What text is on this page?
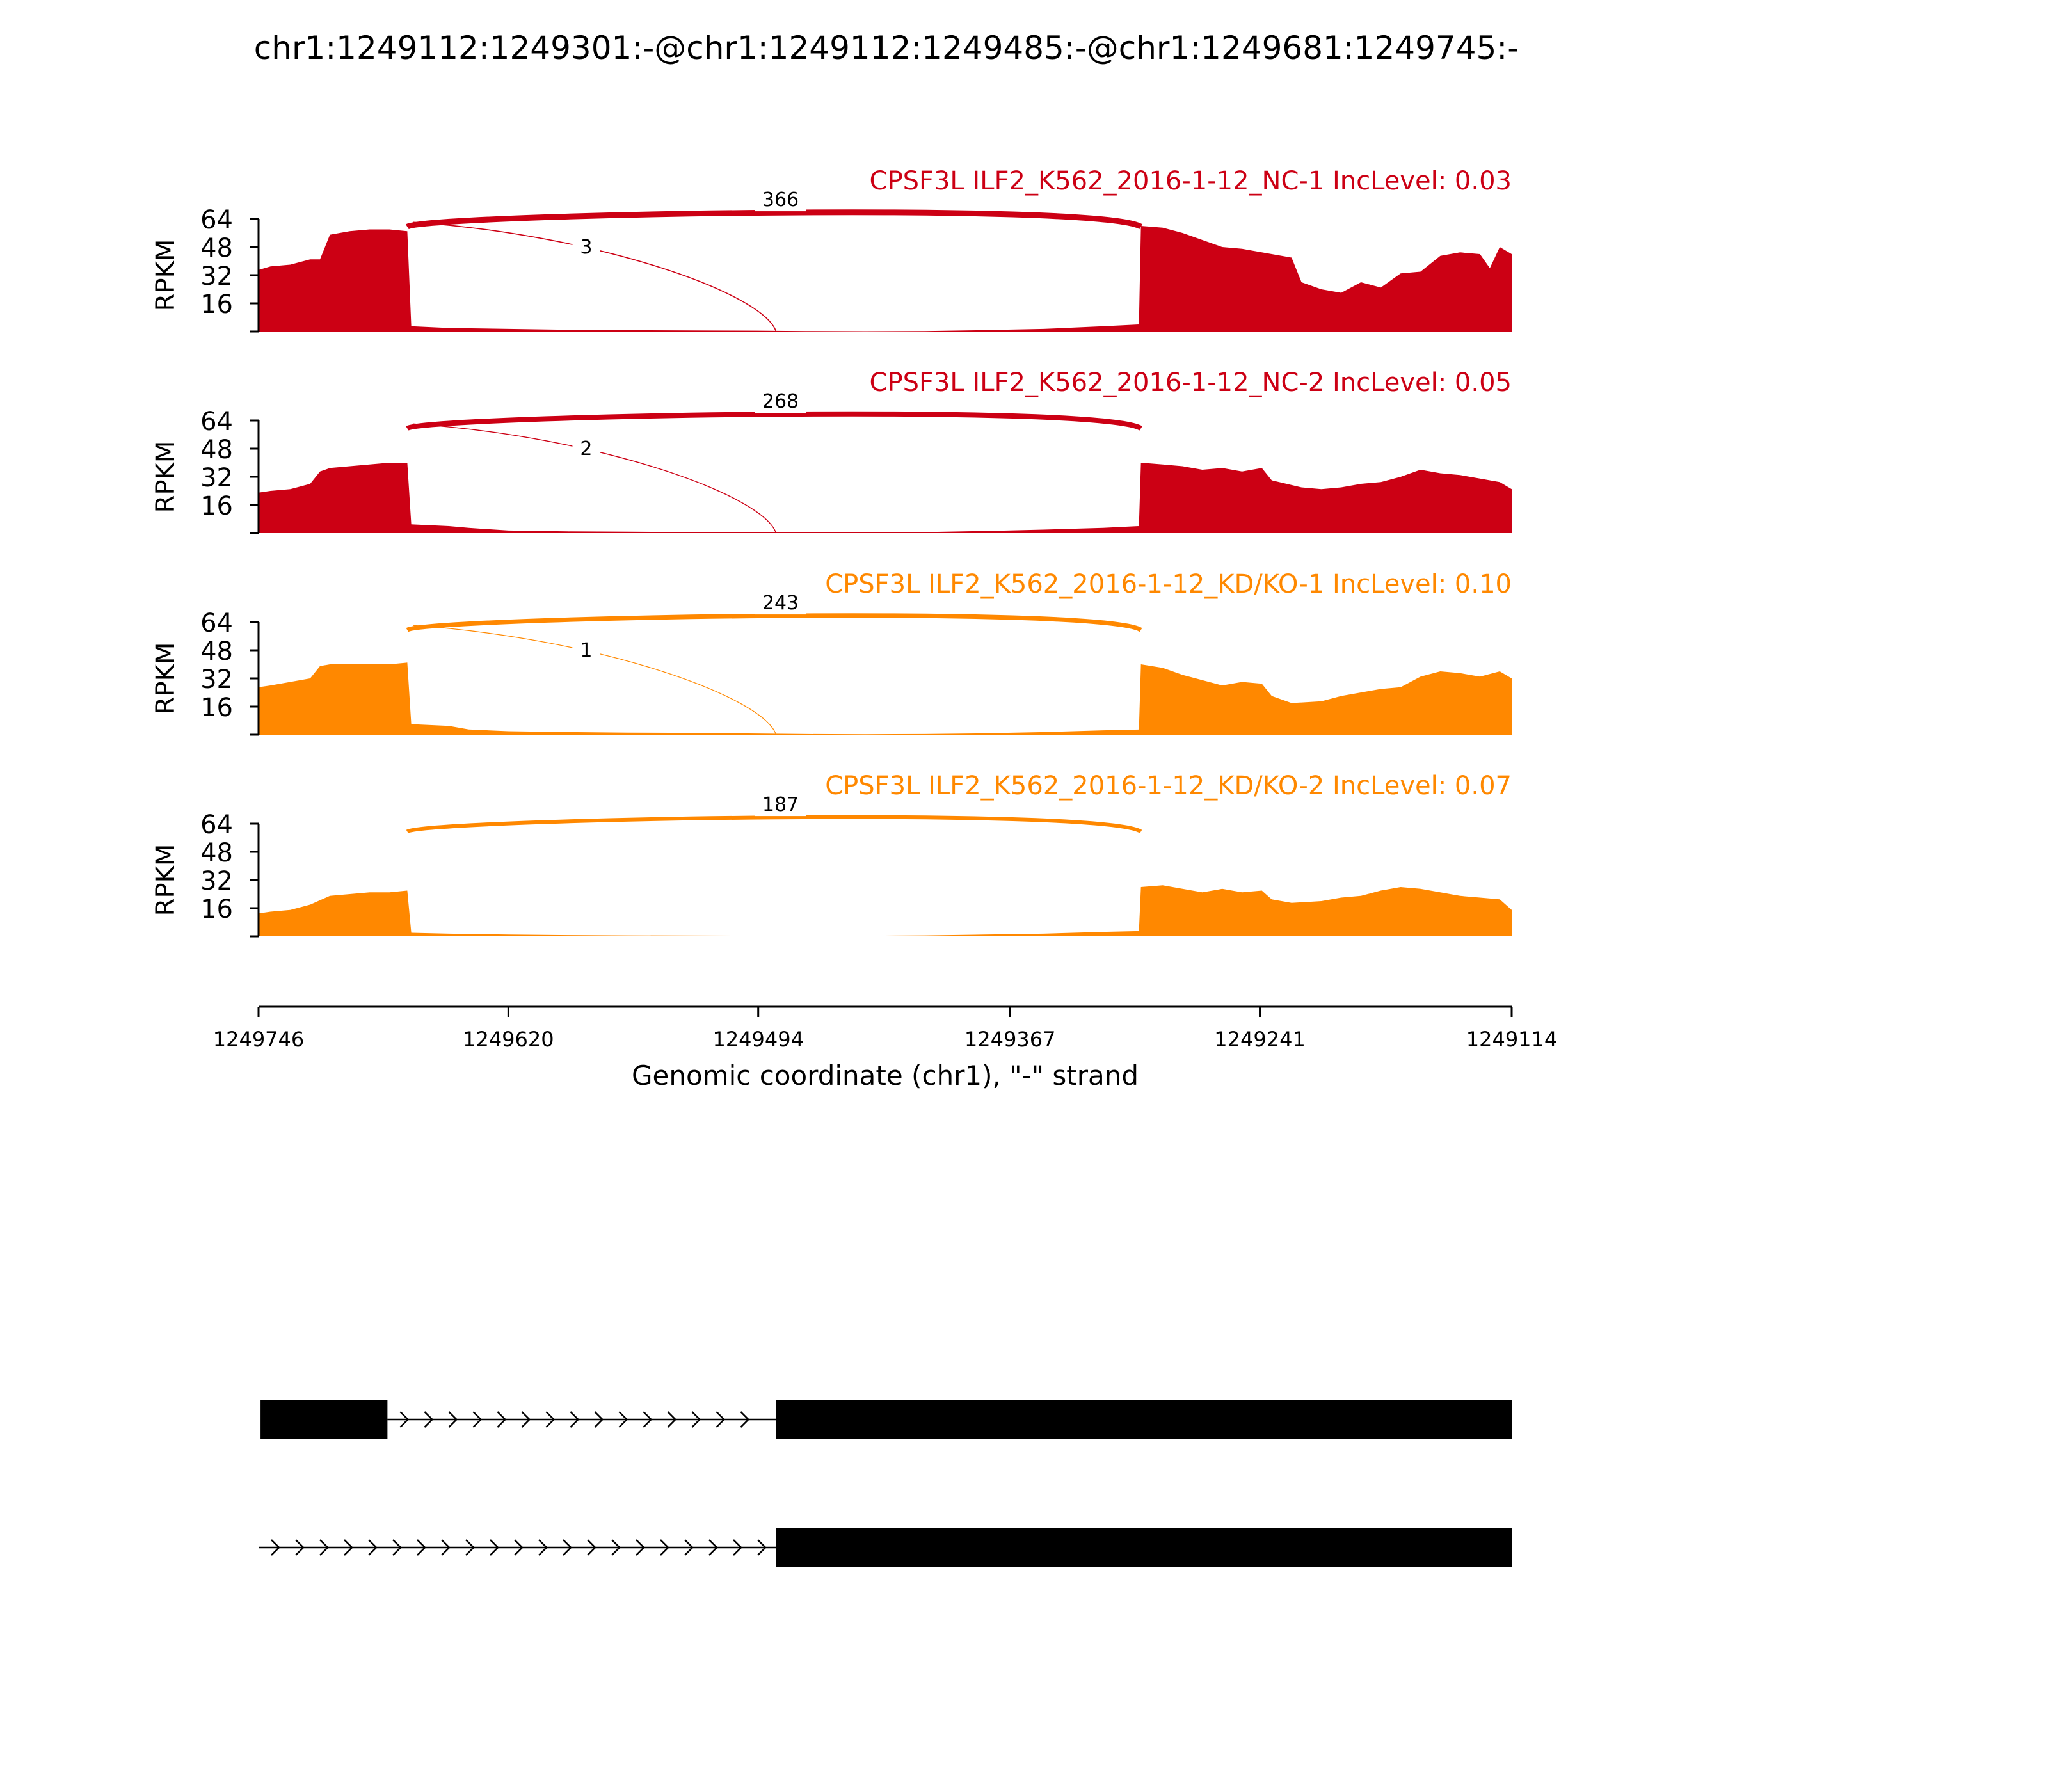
chr1:1249112:1249301:-@chr1:1249112:1249485:-@chr1:1249681:1249745:-
366
3
CPSF3L ILF2_K562_2016-1-12_NC-1 IncLevel: 0.03
16
32
48
64
RPKM
268
2
CPSF3L ILF2_K562_2016-1-12_NC-2 IncLevel: 0.05
16
32
48
64
RPKM
243
1
CPSF3L ILF2_K562_2016-1-12_KD/KO-1 IncLevel: 0.10
16
32
48
64
RPKM
187
CPSF3L ILF2_K562_2016-1-12_KD/KO-2 IncLevel: 0.07
16
32
48
64
RPKM
1249746	1249620	1249494	1249367	1249241	1249114
Genomic coordinate (chr1), "-" strand
